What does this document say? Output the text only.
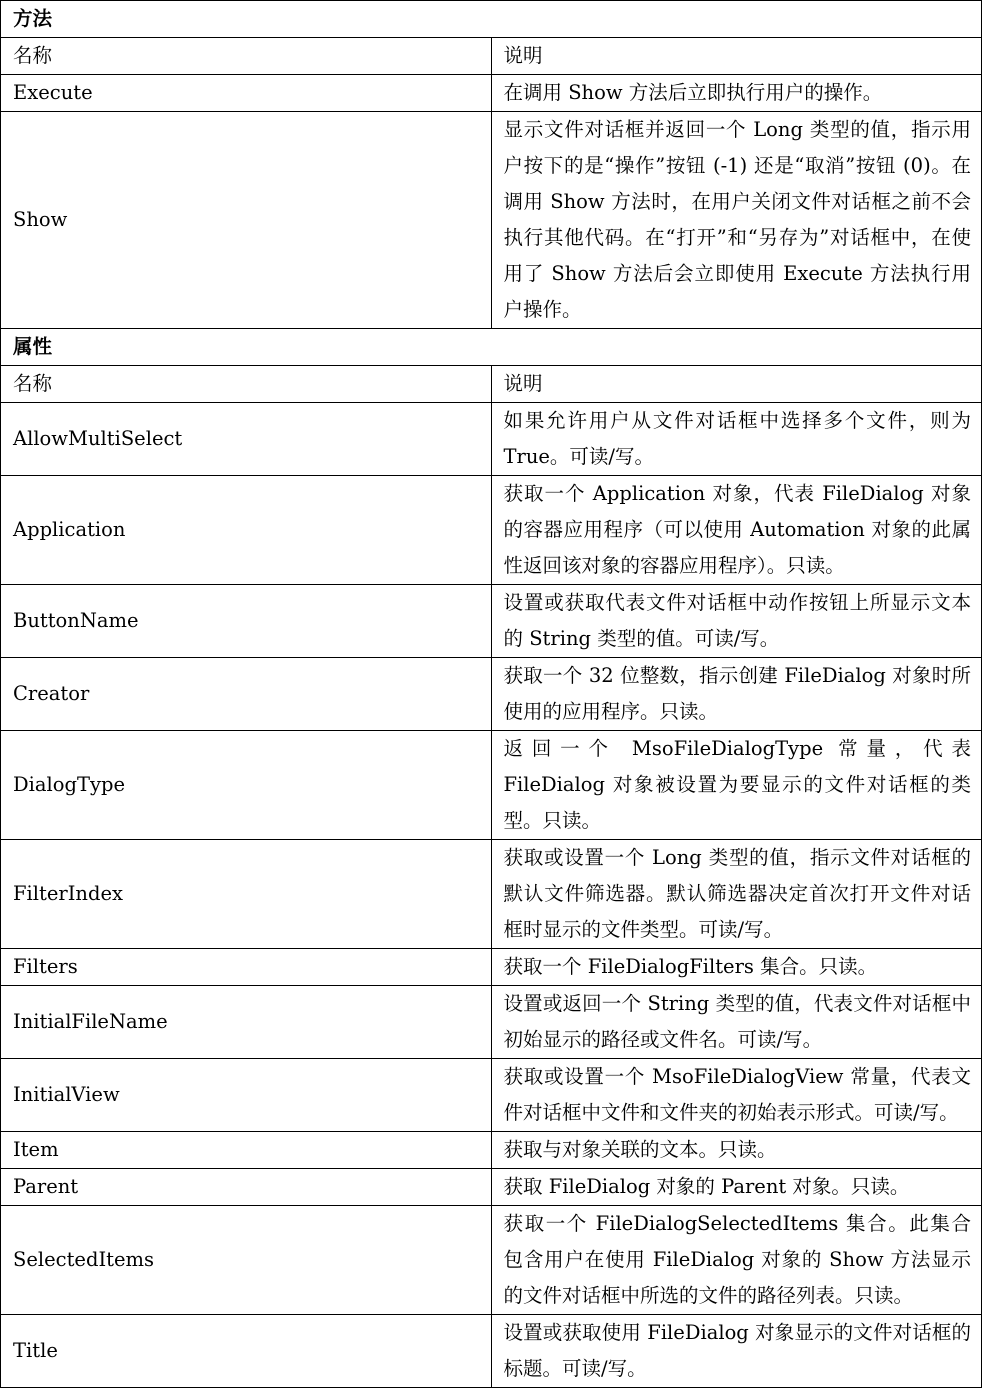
方法	
名称	说明
Execute	在调用 Show 方法后立即执行用户的操作。
Show	显示文件对话框并返回一个 Long 类型的值，指示用户按下的是“操作”按钮 (-1) 还是“取消”按钮 (0)。在调用 Show 方法时，在用户关闭文件对话框之前不会执行其他代码。在“打开”和“另存为”对话框中，在使用了 Show 方法后会立即使用 Execute 方法执行用户操作。
属性	
名称	说明
AllowMultiSelect	如果允许用户从文件对话框中选择多个文件，则为 True。可读/写。
Application	获取一个 Application 对象，代表 FileDialog 对象的容器应用程序（可以使用 Automation 对象的此属性返回该对象的容器应用程序）。只读。
ButtonName	设置或获取代表文件对话框中动作按钮上所显示文本的 String 类型的值。可读/写。
Creator	获取一个 32 位整数，指示创建 FileDialog 对象时所使用的应用程序。只读。
DialogType	返回一个 MsoFileDialogType 常量，代表 FileDialog 对象被设置为要显示的文件对话框的类型。只读。
FilterIndex	获取或设置一个 Long 类型的值，指示文件对话框的默认文件筛选器。默认筛选器决定首次打开文件对话框时显示的文件类型。可读/写。
Filters	获取一个 FileDialogFilters 集合。只读。
InitialFileName	设置或返回一个 String 类型的值，代表文件对话框中初始显示的路径或文件名。可读/写。
InitialView	获取或设置一个 MsoFileDialogView 常量，代表文件对话框中文件和文件夹的初始表示形式。可读/写。
Item	获取与对象关联的文本。只读。
Parent	获取 FileDialog 对象的 Parent 对象。只读。
SelectedItems	获取一个 FileDialogSelectedItems 集合。此集合包含用户在使用 FileDialog 对象的 Show 方法显示的文件对话框中所选的文件的路径列表。只读。
Title	设置或获取使用 FileDialog 对象显示的文件对话框的标题。可读/写。
